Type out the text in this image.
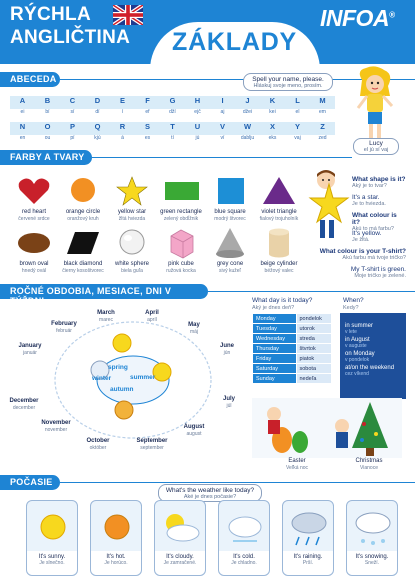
RÝCHLA
ANGLIČTINA ZÁKLADY
INFOA®
ABECEDA	Spell your name, please.
Hláskuj svoje meno, prosím.
A	B	C	D	E	F	G	H	I	J	K	L	M
ei	bí	sí	dí	í	ef	dží	ejč	aj	džei	kei	el	em
N	O	P	Q	R	S	T	U	V	W	X	Y	Z
en	ou	pí	kjú	á	es	tí	jú	ví	dablju	eks	vaj	zed
Lucy
el jú sí vaj
FARBY A TVARY
red heart
červené srdce
orange circle
oranžový kruh
yellow star
žltá hviezda
green rectangle
zelený obdĺžnik
blue square
modrý štvorec
violet triangle
fialový trojuholník
brown oval
hnedý ovál
black diamond
čierny kosoštvorec
white sphere
biela guľa
pink cube
ružová kocka
grey cone
sivý kužeľ
beige cylinder
béžový valec
What shape is it?
Aký je to tvar?
It's a star.
Je to hviezda.
What colour is it?
Akú to má farbu?
It's yellow.
Je žltá.
What colour is your T-shirt?
Akú farbu má tvoje tričko?
My T-shirt is green.
Moje tričko je zelené.
ROČNÉ OBDOBIA, MESIACE, DNI V TÝŽDNI
January
január
February
február
March
marec
April
apríl
May
máj
June
jún
July
júl
August
august
September
september
October
október
November
november
December
december
spring
summer
autumn
winter
What day is it today?
Aký je dnes deň?
Monday	pondelok
Tuesday	utorok
Wednesday	streda
Thursday	štvrtok
Friday	piatok
Saturday	sobota
Sunday	nedeľa
When?
Kedy?
in summer
v lete
in August
v auguste
on Monday
v pondelok
at/on the weekend
cez víkend
Easter
Veľká noc
Christmas
Vianoce
POČASIE
What's the weather like today?
Aké je dnes počasie?
It's sunny.
Je slnečno.
It's hot.
Je horúco.
It's cloudy.
Je zamračené.
It's cold.
Je chladno.
It's raining.
Prší.
It's snowing.
Sneží.
